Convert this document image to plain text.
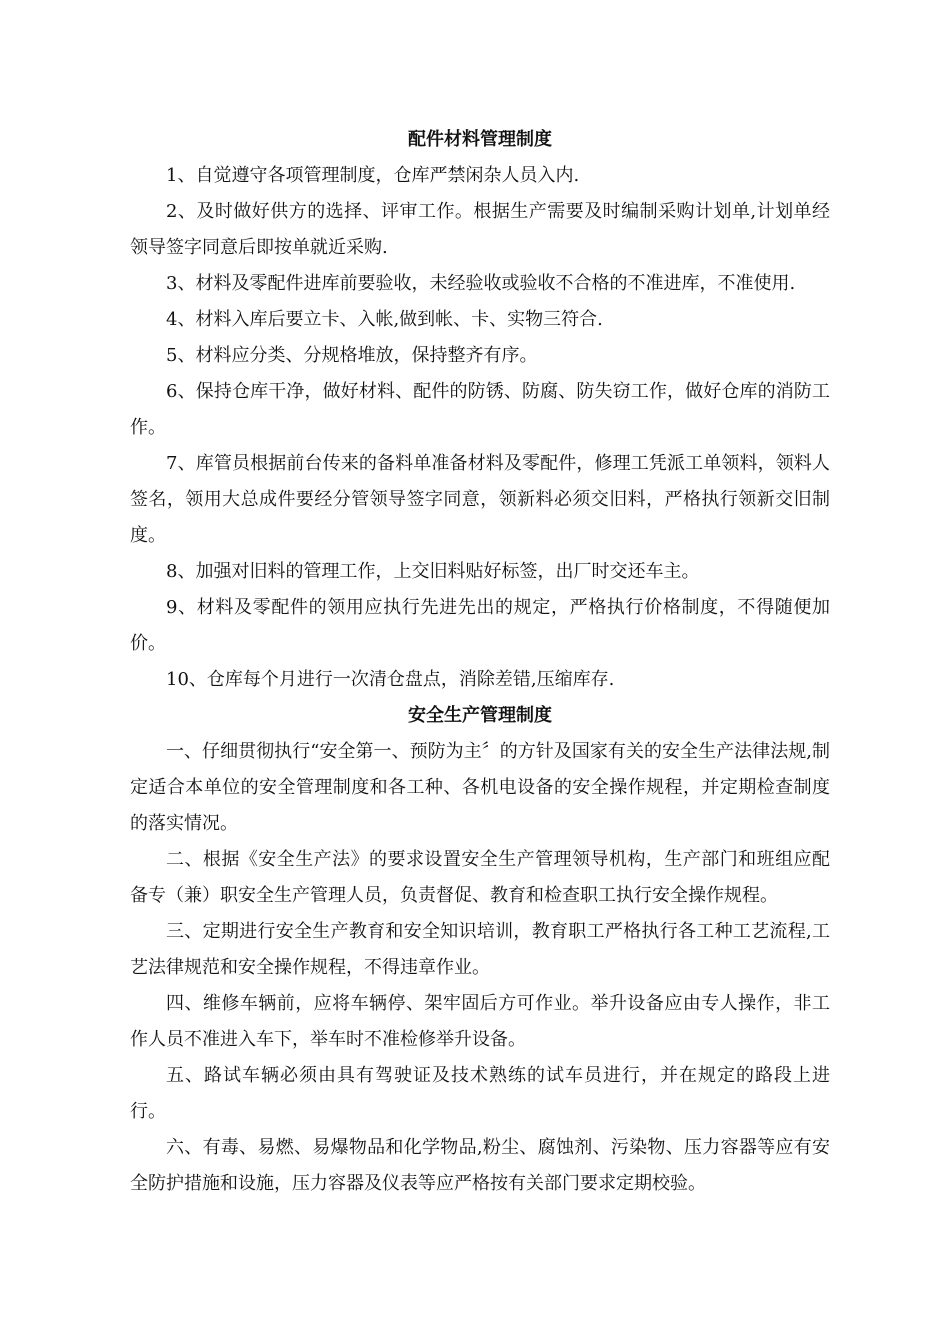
配件材料管理制度

1、自觉遵守各项管理制度，仓库严禁闲杂人员入内.

2、及时做好供方的选择、评审工作。根据生产需要及时编制采购计划单,计划单经领导签字同意后即按单就近采购.

3、材料及零配件进库前要验收，未经验收或验收不合格的不准进库，不准使用.

4、材料入库后要立卡、入帐,做到帐、卡、实物三符合.

5、材料应分类、分规格堆放，保持整齐有序。

6、保持仓库干净，做好材料、配件的防锈、防腐、防失窃工作，做好仓库的消防工作。

7、库管员根据前台传来的备料单准备材料及零配件，修理工凭派工单领料，领料人签名，领用大总成件要经分管领导签字同意，领新料必须交旧料，严格执行领新交旧制度。

8、加强对旧料的管理工作，上交旧料贴好标签，出厂时交还车主。

9、材料及零配件的领用应执行先进先出的规定，严格执行价格制度，不得随便加价。

10、仓库每个月进行一次清仓盘点，消除差错,压缩库存.

安全生产管理制度

一、仔细贯彻执行“安全第一、预防为主〞的方针及国家有关的安全生产法律法规,制定适合本单位的安全管理制度和各工种、各机电设备的安全操作规程，并定期检查制度的落实情况。

二、根据《安全生产法》的要求设置安全生产管理领导机构，生产部门和班组应配备专（兼）职安全生产管理人员，负责督促、教育和检查职工执行安全操作规程。

三、定期进行安全生产教育和安全知识培训，教育职工严格执行各工种工艺流程,工艺法律规范和安全操作规程，不得违章作业。

四、维修车辆前，应将车辆停、架牢固后方可作业。举升设备应由专人操作，非工作人员不准进入车下，举车时不准检修举升设备。

五、路试车辆必须由具有驾驶证及技术熟练的试车员进行，并在规定的路段上进行。

六、有毒、易燃、易爆物品和化学物品,粉尘、腐蚀剂、污染物、压力容器等应有安全防护措施和设施，压力容器及仪表等应严格按有关部门要求定期校验。
